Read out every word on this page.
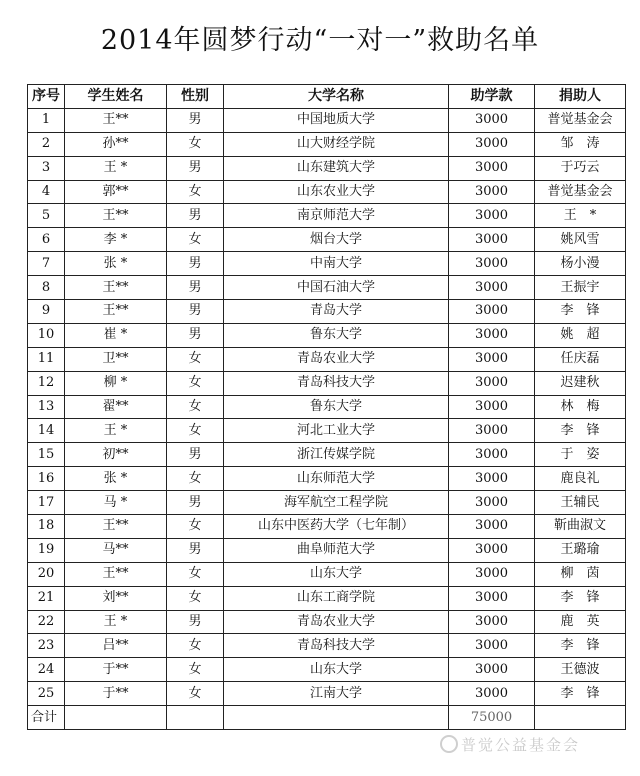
2014年圆梦行动“一对一”救助名单
序号	学生姓名	性别	大学名称	助学款	捐助人
1	王**	男	中国地质大学	3000	普觉基金会
2	孙**	女	山大财经学院	3000	邹　涛
3	王 *	男	山东建筑大学	3000	于巧云
4	郭**	女	山东农业大学	3000	普觉基金会
5	王**	男	南京师范大学	3000	王　*
6	李 *	女	烟台大学	3000	姚风雪
7	张 *	男	中南大学	3000	杨小漫
8	王**	男	中国石油大学	3000	王振宇
9	王**	男	青岛大学	3000	李　锋
10	崔 *	男	鲁东大学	3000	姚　超
11	卫**	女	青岛农业大学	3000	任庆磊
12	柳 *	女	青岛科技大学	3000	迟建秋
13	翟**	女	鲁东大学	3000	林　梅
14	王 *	女	河北工业大学	3000	李　锋
15	初**	男	浙江传媒学院	3000	于　姿
16	张 *	女	山东师范大学	3000	鹿良礼
17	马 *	男	海军航空工程学院	3000	王辅民
18	王**	女	山东中医药大学（七年制）	3000	靳曲淑文
19	马**	男	曲阜师范大学	3000	王璐瑜
20	王**	女	山东大学	3000	柳　茵
21	刘**	女	山东工商学院	3000	李　锋
22	王 *	男	青岛农业大学	3000	鹿　英
23	吕**	女	青岛科技大学	3000	李　锋
24	于**	女	山东大学	3000	王德波
25	于**	女	江南大学	3000	李　锋
合计				75000	
普觉公益基金会
